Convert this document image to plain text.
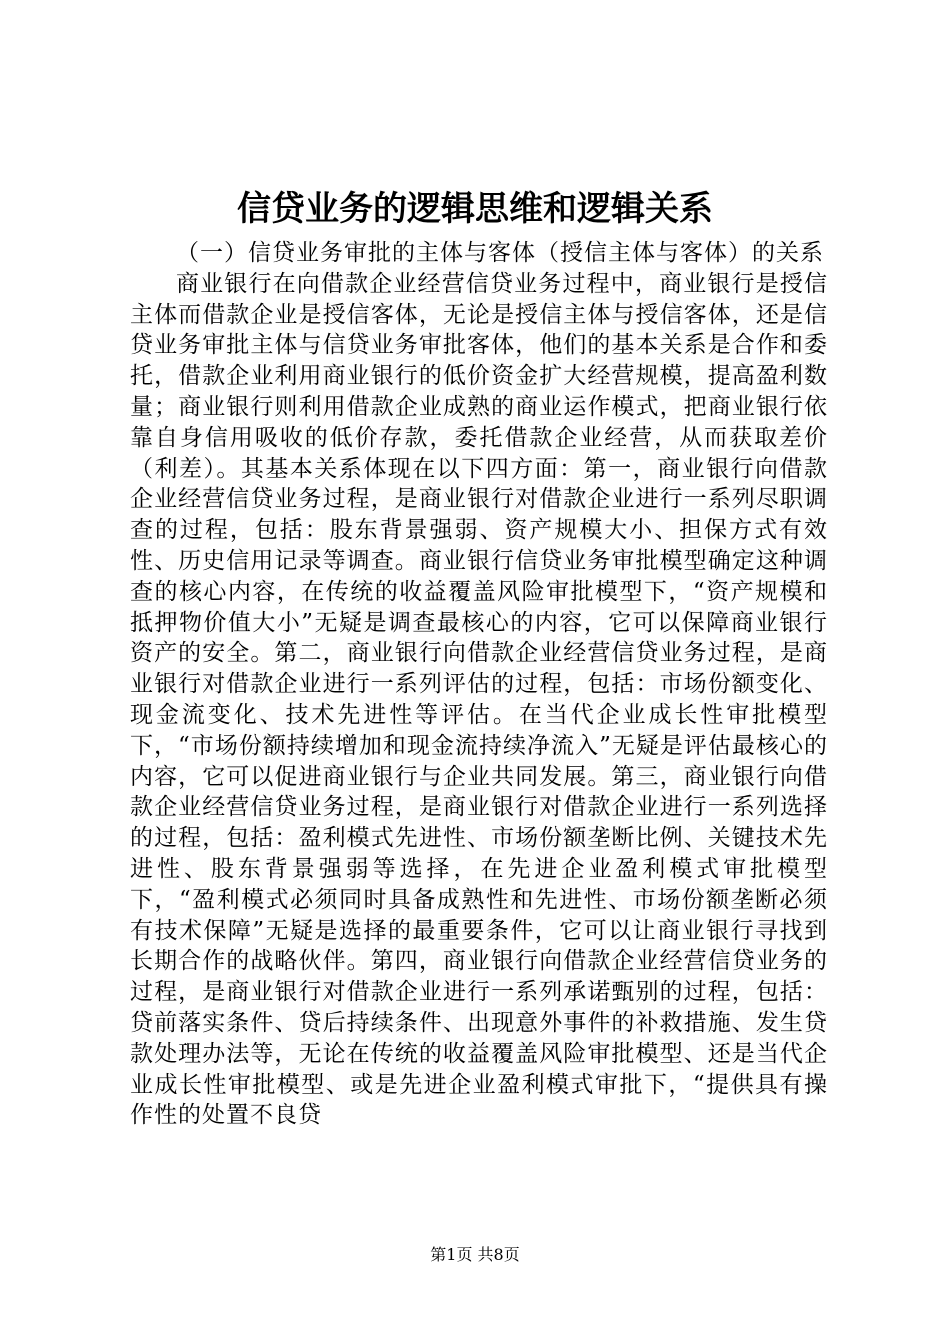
信贷业务的逻辑思维和逻辑关系

（一）信贷业务审批的主体与客体（授信主体与客体）的关系

商业银行在向借款企业经营信贷业务过程中，商业银行是授信主体而借款企业是授信客体，无论是授信主体与授信客体，还是信贷业务审批主体与信贷业务审批客体，他们的基本关系是合作和委托，借款企业利用商业银行的低价资金扩大经营规模，提高盈利数量；商业银行则利用借款企业成熟的商业运作模式，把商业银行依靠自身信用吸收的低价存款，委托借款企业经营，从而获取差价（利差）。其基本关系体现在以下四方面：第一，商业银行向借款企业经营信贷业务过程，是商业银行对借款企业进行一系列尽职调查的过程，包括：股东背景强弱、资产规模大小、担保方式有效性、历史信用记录等调查。商业银行信贷业务审批模型确定这种调查的核心内容，在传统的收益覆盖风险审批模型下，“资产规模和抵押物价值大小”无疑是调查最核心的内容，它可以保障商业银行资产的安全。第二，商业银行向借款企业经营信贷业务过程，是商业银行对借款企业进行一系列评估的过程，包括：市场份额变化、现金流变化、技术先进性等评估。在当代企业成长性审批模型下，“市场份额持续增加和现金流持续净流入”无疑是评估最核心的内容，它可以促进商业银行与企业共同发展。第三，商业银行向借款企业经营信贷业务过程，是商业银行对借款企业进行一系列选择的过程，包括：盈利模式先进性、市场份额垄断比例、关键技术先进性、股东背景强弱等选择，在先进企业盈利模式审批模型下，“盈利模式必须同时具备成熟性和先进性、市场份额垄断必须有技术保障”无疑是选择的最重要条件，它可以让商业银行寻找到长期合作的战略伙伴。第四，商业银行向借款企业经营信贷业务的过程，是商业银行对借款企业进行一系列承诺甄别的过程，包括：贷前落实条件、贷后持续条件、出现意外事件的补救措施、发生贷款处理办法等，无论在传统的收益覆盖风险审批模型、还是当代企业成长性审批模型、或是先进企业盈利模式审批下，“提供具有操作性的处置不良贷

第1页 共8页
